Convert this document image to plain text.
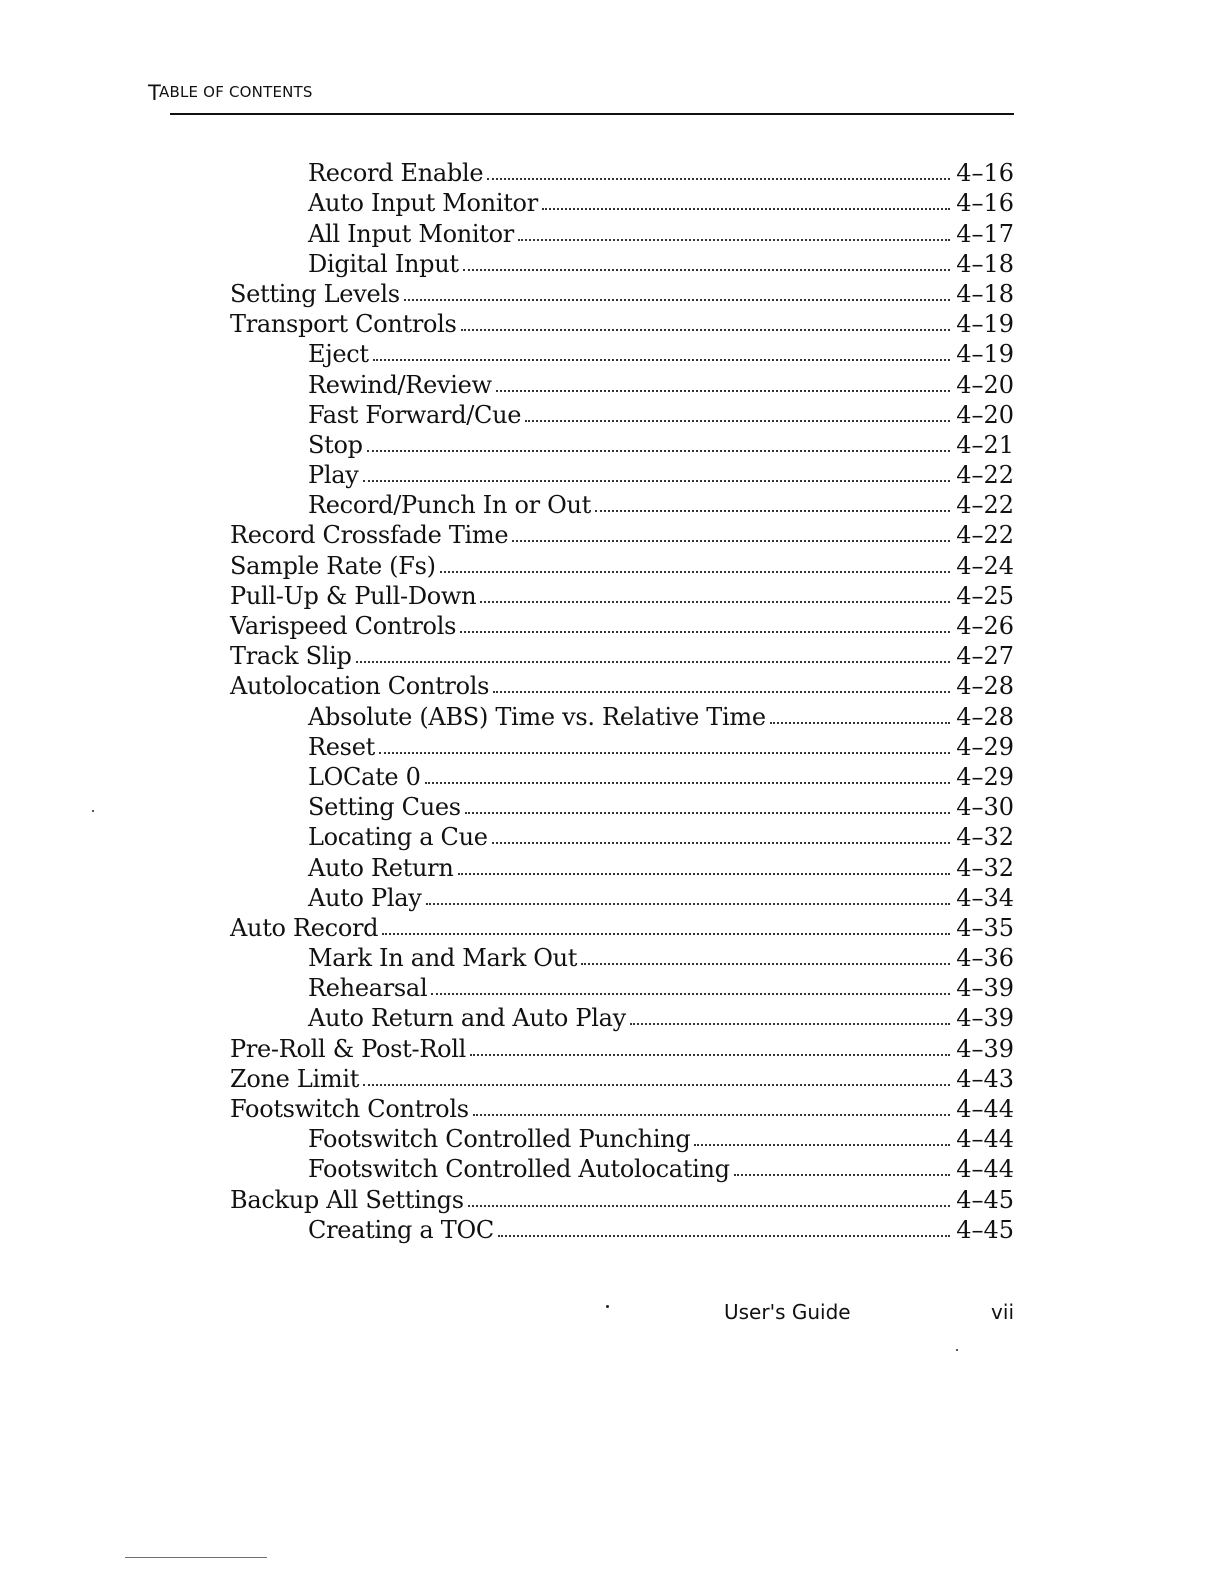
TABLE OF CONTENTS
Record Enable	4–16
Auto Input Monitor	4–16
All Input Monitor	4–17
Digital Input	4–18
Setting Levels	4–18
Transport Controls	4–19
Eject	4–19
Rewind/Review	4–20
Fast Forward/Cue	4–20
Stop	4–21
Play	4–22
Record/Punch In or Out	4–22
Record Crossfade Time	4–22
Sample Rate (Fs)	4–24
Pull-Up & Pull-Down	4–25
Varispeed Controls	4–26
Track Slip	4–27
Autolocation Controls	4–28
Absolute (ABS) Time vs. Relative Time	4–28
Reset	4–29
LOCate 0	4–29
Setting Cues	4–30
Locating a Cue	4–32
Auto Return	4–32
Auto Play	4–34
Auto Record	4–35
Mark In and Mark Out	4–36
Rehearsal	4–39
Auto Return and Auto Play	4–39
Pre-Roll & Post-Roll	4–39
Zone Limit	4–43
Footswitch Controls	4–44
Footswitch Controlled Punching	4–44
Footswitch Controlled Autolocating	4–44
Backup All Settings	4–45
Creating a TOC	4–45
User's Guide	vii
